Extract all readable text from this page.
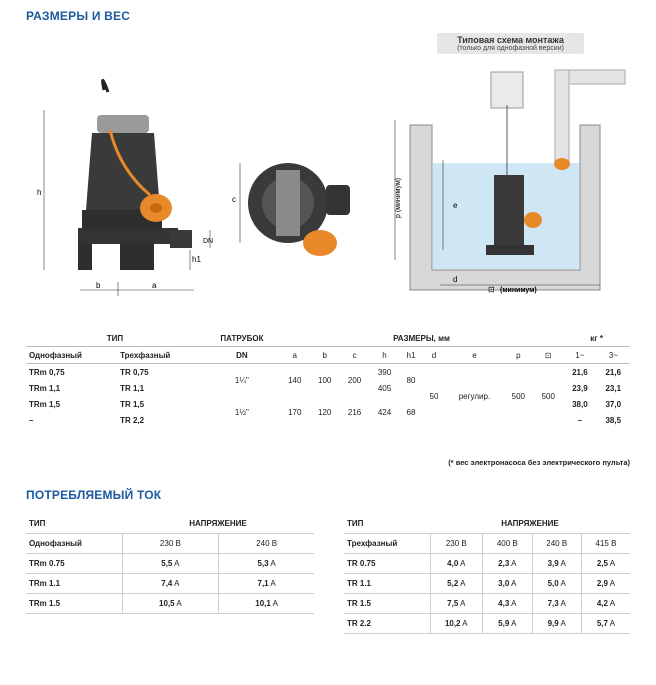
РАЗМЕРЫ И ВЕС
Типовая схема монтажа
(только для однофазной версии)
h
h1
DN
b	a
c	p (минимум)	e
d
⊡ (минимум)
ТИП		ПАТРУБОК	РАЗМЕРЫ, мм									кг *	
Однофазный	Трехфазный	DN	a	b	c	h	h1	d	e	p	⊡	1~	3~
TRm 0,75	TR 0,75	1¼"	140	100	200	390	80	50	регулир.	500	500	21,6	21,6
TRm 1,1	TR 1,1					405						23,9	23,1
TRm 1,5	TR 1,5	1½"	170	120	216	424	68					38,0	37,0
–	TR 2,2											–	38,5
(* вес электронасоса без электрического пульта)
ПОТРЕБЛЯЕМЫЙ ТОК
ТИП	НАПРЯЖЕНИЕ	
Однофазный	230 В	240 В
TRm 0.75	5,5 A	5,3 A
TRm 1.1	7,4 A	7,1 A
TRm 1.5	10,5 A	10,1 A
ТИП	НАПРЯЖЕНИЕ			
Трехфазный	230 В	400 В	240 В	415 В
TR 0.75	4,0 A	2,3 A	3,9 A	2,5 A
TR 1.1	5,2 A	3,0 A	5,0 A	2,9 A
TR 1.5	7,5 A	4,3 A	7,3 A	4,2 A
TR 2.2	10,2 A	5,9 A	9,9 A	5,7 A
